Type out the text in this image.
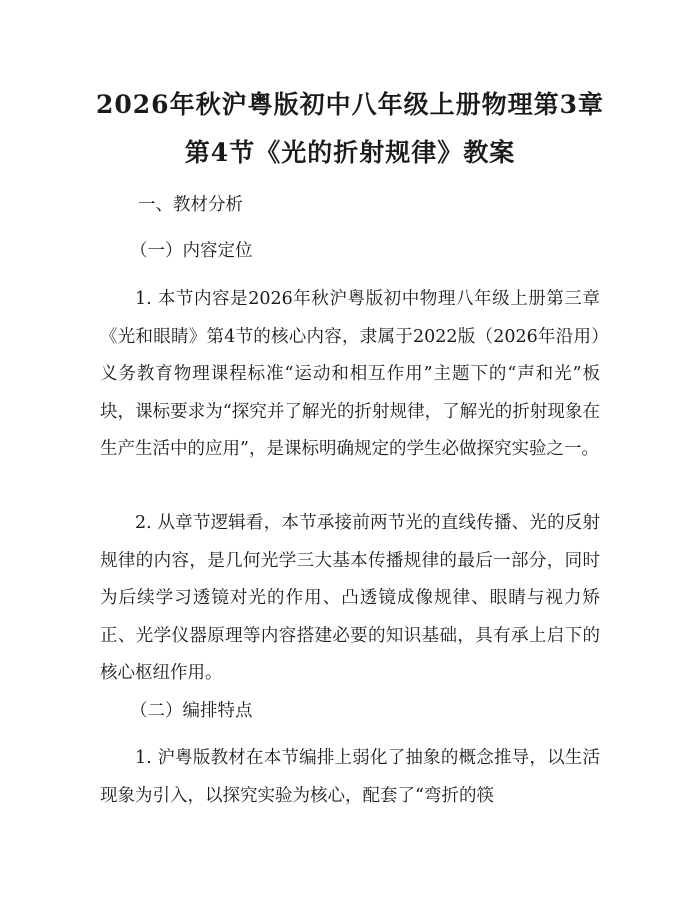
2026年秋沪粤版初中八年级上册物理第3章
第4节《光的折射规律》教案
一、教材分析
（一）内容定位

1. 本节内容是2026年秋沪粤版初中物理八年级上册第三章《光和眼睛》第4节的核心内容，隶属于2022版（2026年沿用）义务教育物理课程标准“运动和相互作用”主题下的“声和光”板块，课标要求为“探究并了解光的折射规律，了解光的折射现象在生产生活中的应用”，是课标明确规定的学生必做探究实验之一。

2. 从章节逻辑看，本节承接前两节光的直线传播、光的反射规律的内容，是几何光学三大基本传播规律的最后一部分，同时为后续学习透镜对光的作用、凸透镜成像规律、眼睛与视力矫正、光学仪器原理等内容搭建必要的知识基础，具有承上启下的核心枢纽作用。

（二）编排特点

1. 沪粤版教材在本节编排上弱化了抽象的概念推导，以生活现象为引入，以探究实验为核心，配套了“弯折的筷
